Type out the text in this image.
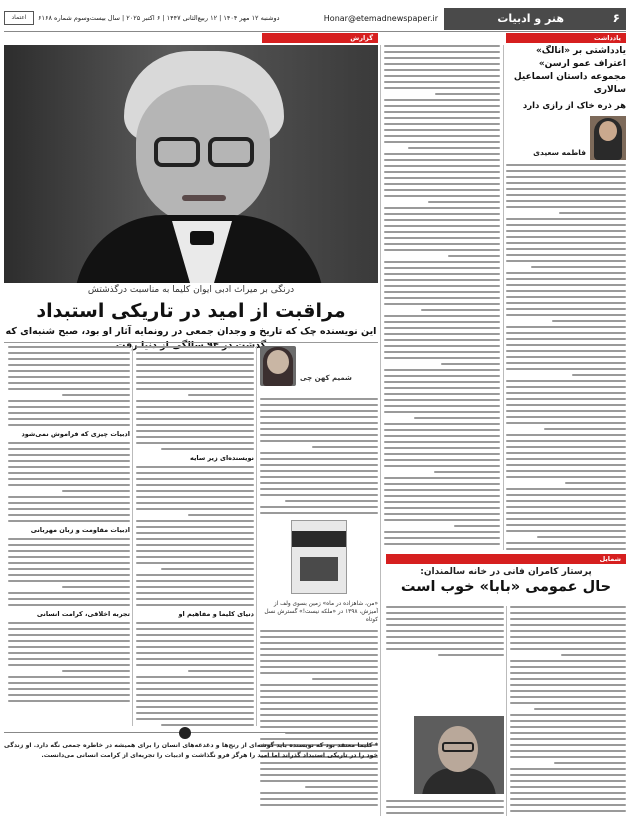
۶
هنر و ادبیات
Honar@etemadnewspaper.ir
دوشنبه ۱۲ مهر ۱۴۰۴ | ۱۲ ربیع‌الثانی ۱۴۴۷ | ۶ اکتبر ۲۰۲۵ | سال بیست‌وسوم شماره ۶۱۶۸
اعتماد
یادداشت
گزارش
شمایل
یادداشتی بر «انالگ» اعتراف عمو ارسن»
مجموعه داستان اسماعیل سالاری
هر ذره خاک از رازی دارد
فاطمه سعیدی
درنگی بر میراث ادبی ایوان کلیما به مناسبت درگذشتش
مراقبت از امید در تاریکی استبداد
این نویسنده چک که تاریخ و وجدان جمعی در رونمایه آثار او بود، صبح شنبه‌ای که
شمیم کهن چی
«من، شاهزاده در ماه» زمین بسوی ولف از آمیزش، ۱۳۹۸ در «ملکه نیست!» گسترش نسل کوتاه
نویسنده‌ای زیر سایه
دنیای کلیما و مفاهیم او
ادبیات چیزی که فراموش نمی‌شود
ادبیات مقاومت و زبان مهربانی
تجربه اخلاقی، کرامت انسانی

* کلیما معتقد بود که نویسنده باید گوشه‌ای از رنج‌ها و دغدغه‌های انسان را برای همیشه در خاطره جمعی نگه دارد. او زندگی خود را در تاریکی استبداد گذراند اما امید را هرگز فرو نگذاشت و ادبیات را تجربه‌ای از کرامت انسانی می‌دانست.

پرستار کامران فانی در خانه سالمندان:
حال عمومی «بابا» خوب است
